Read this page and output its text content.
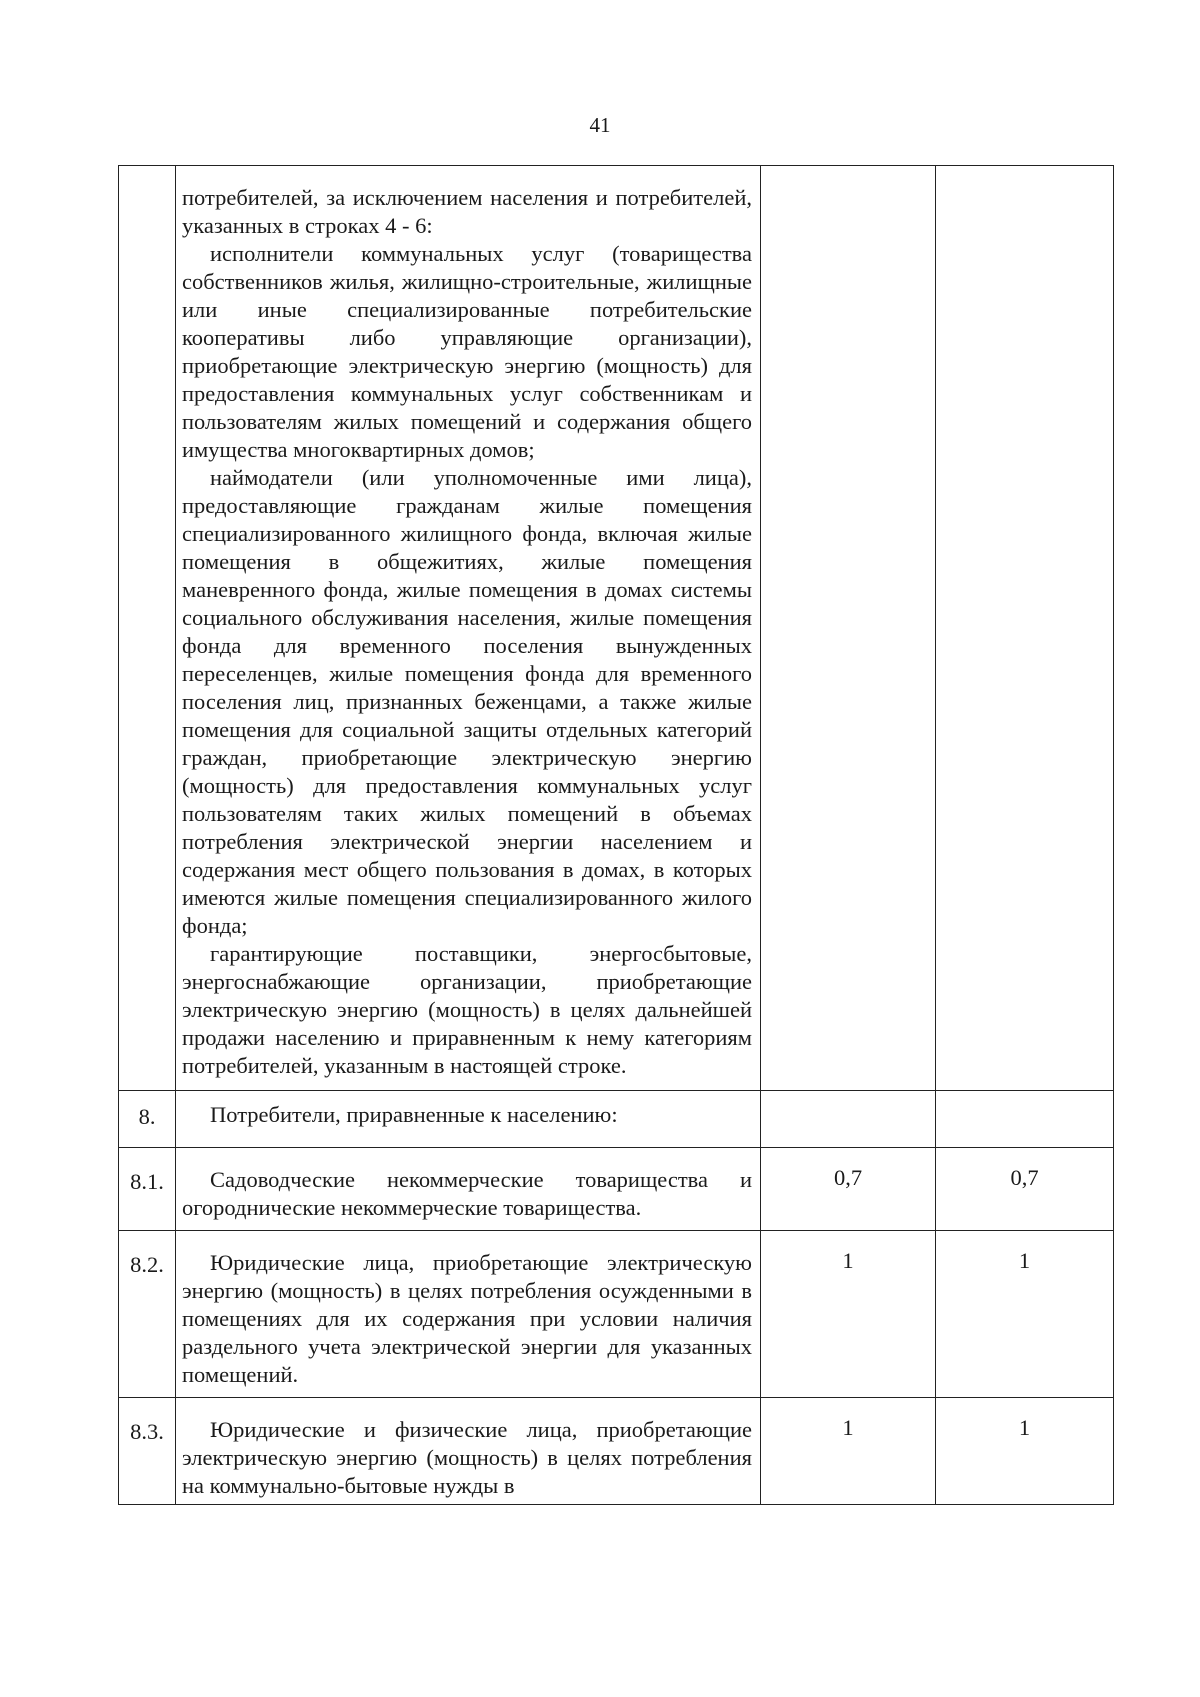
41

	потребителей, за исключением населения и потребителей, указанных в строках 4 - 6:

исполнители коммунальных услуг (товарищества собственников жилья, жилищно-строительные, жилищные или иные специализированные потребительские кооперативы либо управляющие организации), приобретающие электрическую энергию (мощность) для предоставления коммунальных услуг собственникам и пользователям жилых помещений и содержания общего имущества многоквартирных домов;

наймодатели (или уполномоченные ими лица), предоставляющие гражданам жилые помещения специализированного жилищного фонда, включая жилые помещения в общежитиях, жилые помещения маневренного фонда, жилые помещения в домах системы социального обслуживания населения, жилые помещения фонда для временного поселения вынужденных переселенцев, жилые помещения фонда для временного поселения лиц, признанных беженцами, а также жилые помещения для социальной защиты отдельных категорий граждан, приобретающие электрическую энергию (мощность) для предоставления коммунальных услуг пользователям таких жилых помещений в объемах потребления электрической энергии населением и содержания мест общего пользования в домах, в которых имеются жилые помещения специализированного жилого фонда;

гарантирующие поставщики, энергосбытовые, энергоснабжающие организации, приобретающие электрическую энергию (мощность) в целях дальнейшей продажи населению и приравненным к нему категориям потребителей, указанным в настоящей строке.		

8.	Потребители, приравненные к населению:		

8.1.	Садоводческие некоммерческие товарищества и огороднические некоммерческие товарищества.	0,7	0,7
8.2.	Юридические лица, приобретающие электрическую энергию (мощность) в целях потребления осужденными в помещениях для их содержания при условии наличия раздельного учета электрической энергии для указанных помещений.	1	1
8.3.	Юридические и физические лица, приобретающие электрическую энергию (мощность) в целях потребления на коммунально-бытовые нужды в	1	1
